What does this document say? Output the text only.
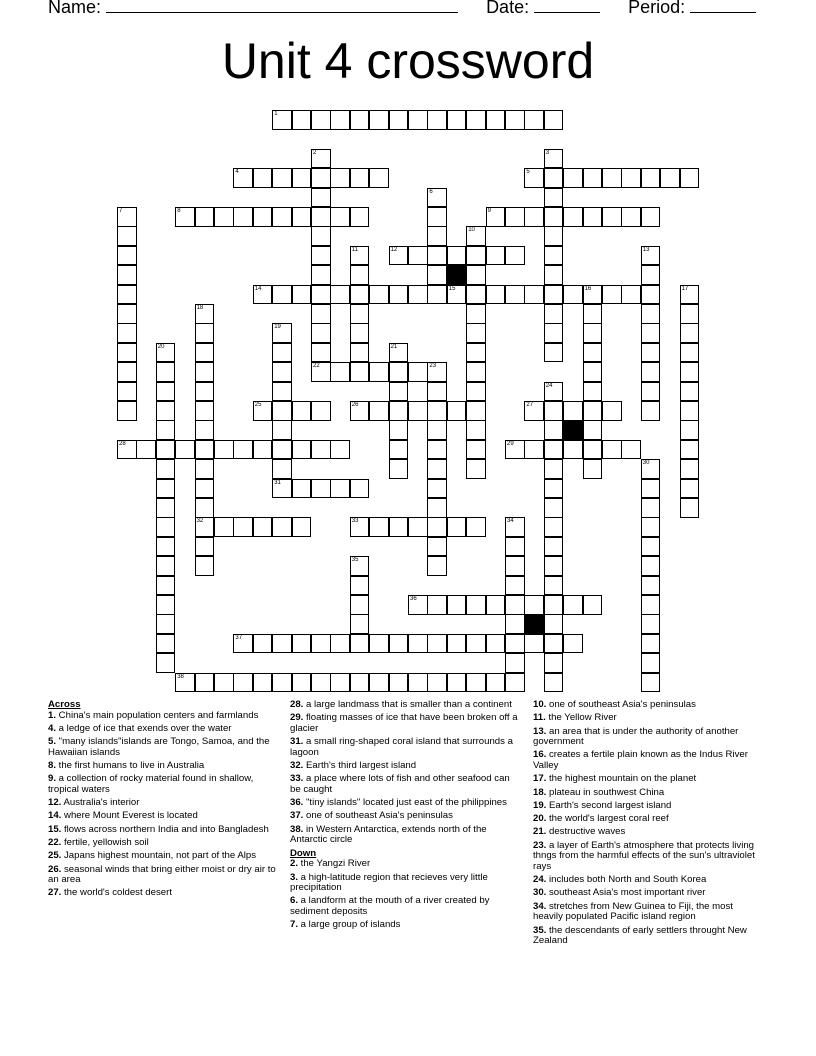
Name:	Date:	Period:
Unit 4 crossword
1
2	3
4	5
6
7	8	9
10
11	12	13
14	15	16	17
18
32
19
31
20	21
22	23
24
25	26	27
28	29
30
33	34
35
36
37
38
Across
1. China's main population centers and farmlands
4. a ledge of ice that exends over the water
5. "many islands"islands are Tongo, Samoa, and the Hawaiian islands
8. the first humans to live in Australia
9. a collection of rocky material found in shallow, tropical waters
12. Australia's interior
14. where Mount Everest is located
15. flows across northern India and into Bangladesh
22. fertile, yellowish soil
25. Japans highest mountain, not part of the Alps
26. seasonal winds that bring either moist or dry air to an area
27. the world's coldest desert
28. a large landmass that is smaller than a continent
29. floating masses of ice that have been broken off a glacier
31. a small ring-shaped coral island that surrounds a lagoon
32. Earth's third largest island
33. a place where lots of fish and other seafood can be caught
36. "tiny islands" located just east of the philippines
37. one of southeast Asia's peninsulas
38. in Western Antarctica, extends north of the Antarctic circle
Down
2. the Yangzi River
3. a high-latitude region that recieves very little precipitation
6. a landform at the mouth of a river created by sediment deposits
7. a large group of islands
10. one of southeast Asia's peninsulas
11. the Yellow River
13. an area that is under the authority of another government
16. creates a fertile plain known as the Indus River Valley
17. the highest mountain on the planet
18. plateau in southwest China
19. Earth's second largest island
20. the world's largest coral reef
21. destructive waves
23. a layer of Earth's atmosphere that protects living thngs from the harmful effects of the sun's ultraviolet rays
24. includes both North and South Korea
30. southeast Asia's most important river
34. stretches from New Guinea to Fiji, the most heavily populated Pacific island region
35. the descendants of early settlers throught New Zealand
